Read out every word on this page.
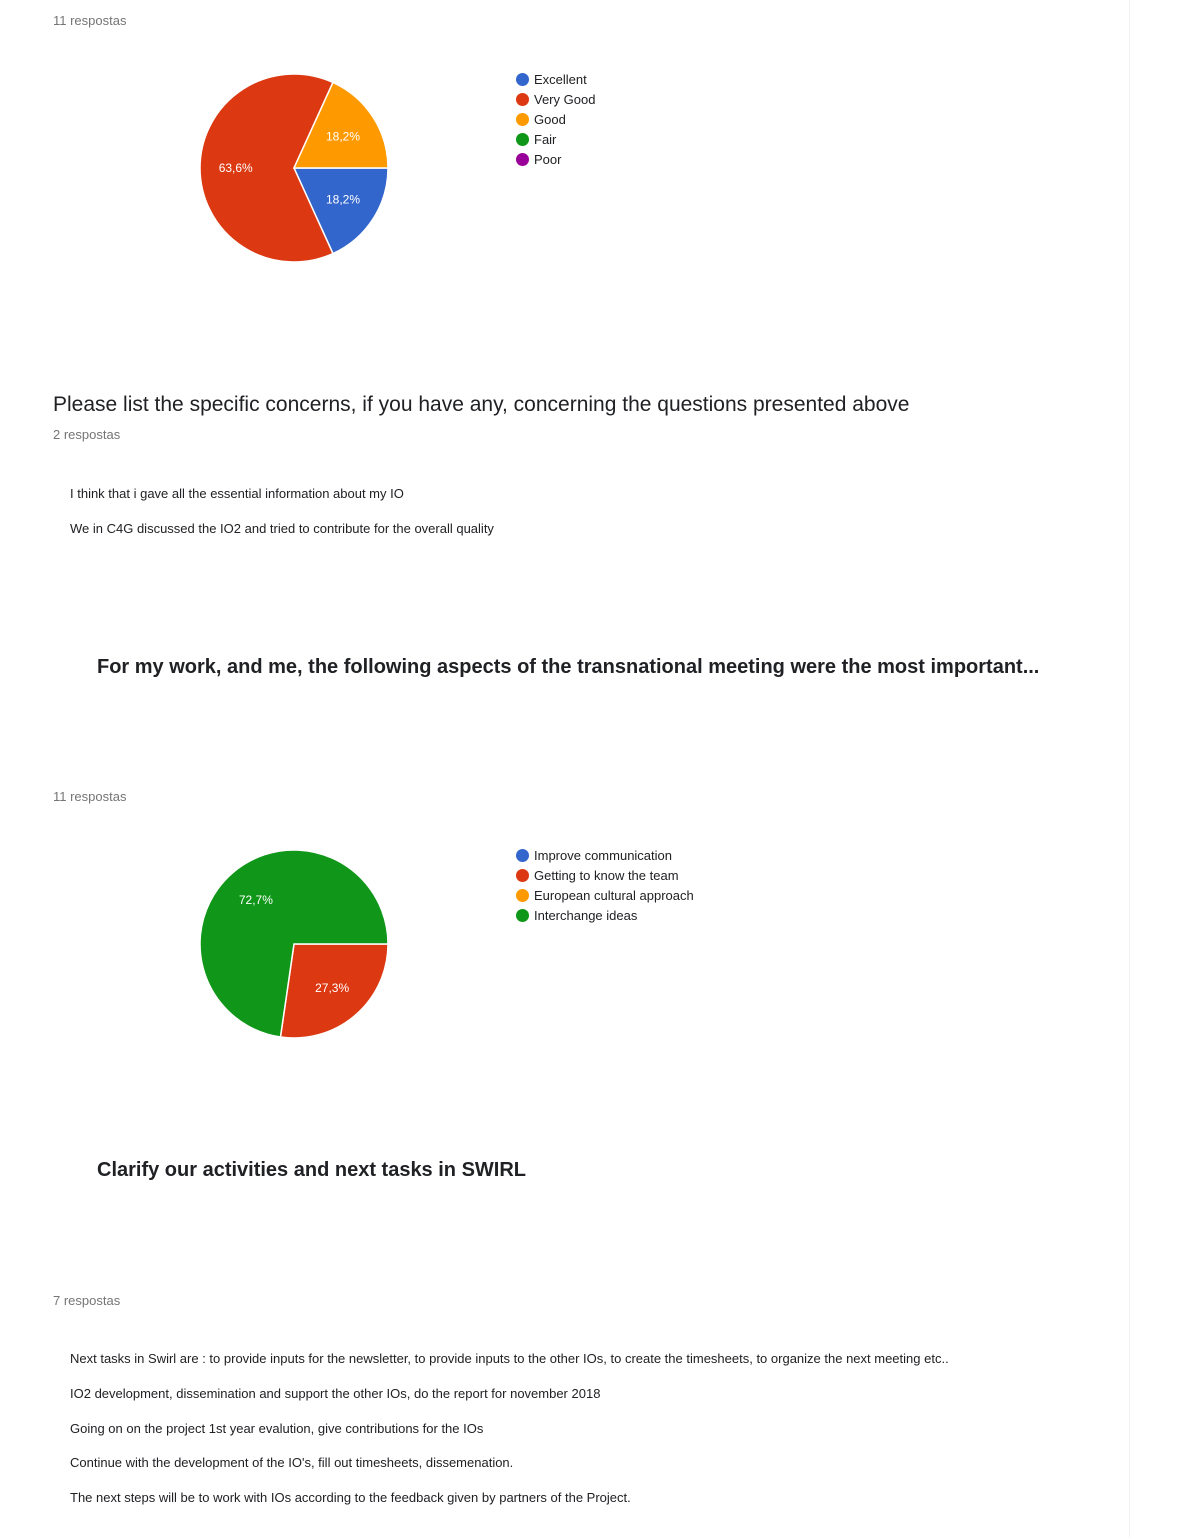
11 respostas
18,2%
63,6%
18,2%
Excellent
Very Good
Good
Fair
Poor
Please list the specific concerns, if you have any, concerning the questions presented above
2 respostas
I think that i gave all the essential information about my IO
We in C4G discussed the IO2 and tried to contribute for the overall quality
For my work, and me, the following aspects of the transnational meeting were the most important...
11 respostas
27,3%
72,7%
Improve communication
Getting to know the team
European cultural approach
Interchange ideas
Clarify our activities and next tasks in SWIRL
7 respostas
Next tasks in Swirl are : to provide inputs for the newsletter, to provide inputs to the other IOs, to create the timesheets, to organize the next meeting etc..
IO2 development, dissemination and support the other IOs, do the report for november 2018
Going on on the project 1st year evalution, give contributions for the IOs
Continue with the development of the IO's, fill out timesheets, dissemenation.
The next steps will be to work with IOs according to the feedback given by partners of the Project.
